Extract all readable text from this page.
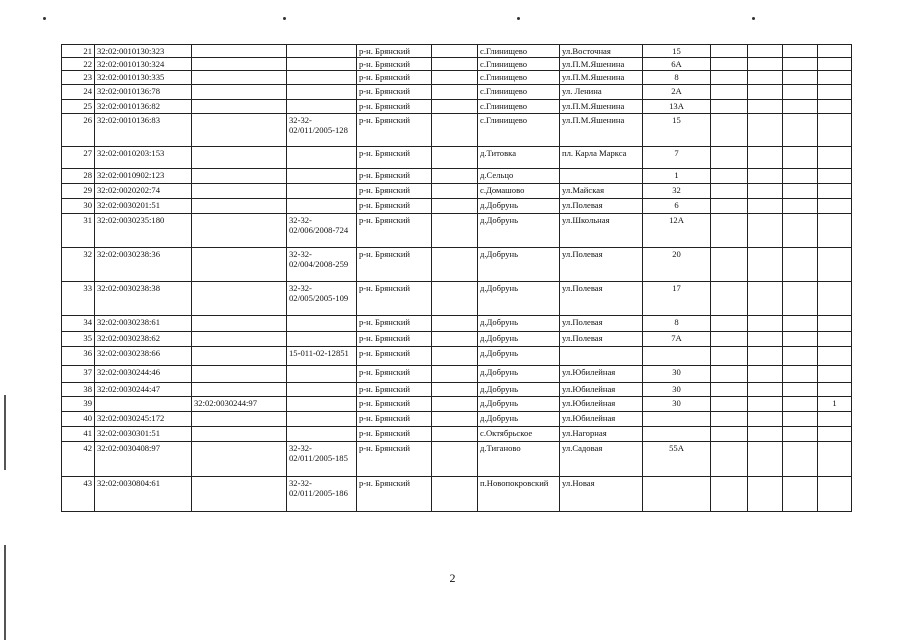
21	32:02:0010130:323			р-н. Брянский		с.Глинищево	ул.Восточная	15				
22	32:02:0010130:324			р-н. Брянский		с.Глинищево	ул.П.М.Яшенина	6А				
23	32:02:0010130:335			р-н. Брянский		с.Глинищево	ул.П.М.Яшенина	8				
24	32:02:0010136:78			р-н. Брянский		с.Глинищево	ул. Ленина	2А				
25	32:02:0010136:82			р-н. Брянский		с.Глинищево	ул.П.М.Яшенина	13А				
26	32:02:0010136:83		32-32-02/011/2005-128	р-н. Брянский		с.Глинищево	ул.П.М.Яшенина	15				
27	32:02:0010203:153			р-н. Брянский		д.Титовка	пл. Карла Маркса	7				
28	32:02:0010902:123			р-н. Брянский		д.Сельцо		1				
29	32:02:0020202:74			р-н. Брянский		с.Домашово	ул.Майская	32				
30	32:02:0030201:51			р-н. Брянский		д.Добрунь	ул.Полевая	6				
31	32:02:0030235:180		32-32-02/006/2008-724	р-н. Брянский		д.Добрунь	ул.Школьная	12А				
32	32:02:0030238:36		32-32-02/004/2008-259	р-н. Брянский		д.Добрунь	ул.Полевая	20				
33	32:02:0030238:38		32-32-02/005/2005-109	р-н. Брянский		д.Добрунь	ул.Полевая	17				
34	32:02:0030238:61			р-н. Брянский		д.Добрунь	ул.Полевая	8				
35	32:02:0030238:62			р-н. Брянский		д.Добрунь	ул.Полевая	7А				
36	32:02:0030238:66		15-011-02-12851	р-н. Брянский		д.Добрунь						
37	32:02:0030244:46			р-н. Брянский		д.Добрунь	ул.Юбилейная	30				
38	32:02:0030244:47			р-н. Брянский		д.Добрунь	ул.Юбилейная	30				
39		32:02:0030244:97		р-н. Брянский		д.Добрунь	ул.Юбилейная	30				1
40	32:02:0030245:172			р-н. Брянский		д.Добрунь	ул.Юбилейная					
41	32:02:0030301:51			р-н. Брянский		с.Октябрьское	ул.Нагорная					
42	32:02:0030408:97		32-32-02/011/2005-185	р-н. Брянский		д.Тиганово	ул.Садовая	55А				
43	32:02:0030804:61		32-32-02/011/2005-186	р-н. Брянский		п.Новопокровский	ул.Новая					
2
